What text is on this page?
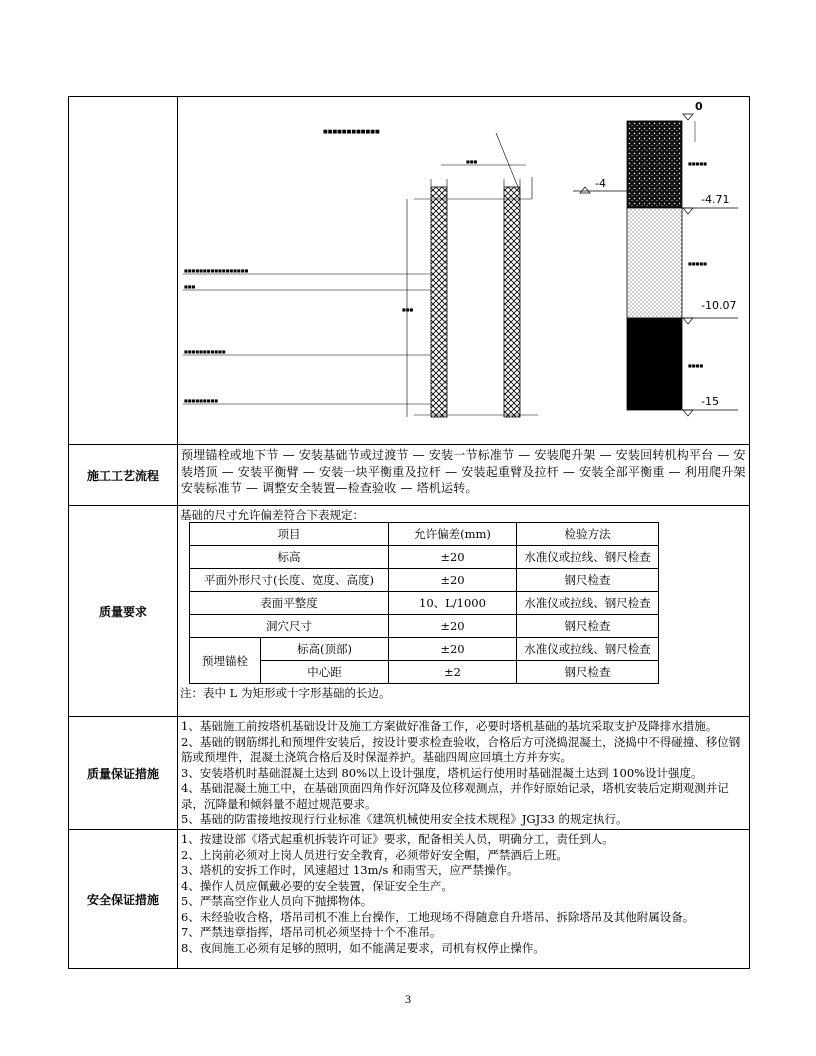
■■■■■■■■■■■■
■■■
■■■
■■■■■■■■■■■■■■■■■
■■■
■■■■■■■■■■■
■■■■■■■■■
0
-4
-4.71
-10.07
-15
■■■■■
■■■■■
■■■■

施工工艺流程	
预埋锚栓或地下节 — 安装基础节或过渡节 — 安装一节标准节 — 安装爬升架 — 安装回转机构平台 — 安装塔顶 — 安装平衡臂 — 安装一块平衡重及拉杆 — 安装起重臂及拉杆 — 安装全部平衡重 — 利用爬升架安装标准节 — 调整安全装置—检查验收 — 塔机运转。

质量要求	
基础的尺寸允许偏差符合下表规定：
项目	允许偏差(mm)	检验方法
标高	±20	水准仪或拉线、钢尺检查
平面外形尺寸(长度、宽度、高度)	±20	钢尺检查
表面平整度	10、L/1000	水准仪或拉线、钢尺检查
洞穴尺寸	±20	钢尺检查
预埋锚栓	标高(顶部)	±20	水准仪或拉线、钢尺检查
中心距	±2	钢尺检查
注：表中 L 为矩形或十字形基础的长边。

质量保证措施	
1、基础施工前按塔机基础设计及施工方案做好准备工作，必要时塔机基础的基坑采取支护及降排水措施。
2、基础的钢筋绑扎和预埋件安装后，按设计要求检查验收，合格后方可浇捣混凝土，浇捣中不得碰撞、移位钢筋或预埋件，混凝土浇筑合格后及时保湿养护。基础四周应回填土方并夯实。
3、安装塔机时基础混凝土达到 80%以上设计强度，塔机运行使用时基础混凝土达到 100%设计强度。
4、基础混凝土施工中，在基础顶面四角作好沉降及位移观测点，并作好原始记录，塔机安装后定期观测并记录，沉降量和倾斜量不超过规范要求。
5、基础的防雷接地按现行行业标准《建筑机械使用安全技术规程》JGJ33 的规定执行。

安全保证措施	
1、按建设部《塔式起重机拆装许可证》要求，配备相关人员，明确分工，责任到人。
2、上岗前必须对上岗人员进行安全教育，必须带好安全帽，严禁酒后上班。
3、塔机的安拆工作时，风速超过 13m/s 和雨雪天，应严禁操作。
4、操作人员应佩戴必要的安全装置，保证安全生产。
5、严禁高空作业人员向下抛掷物体。
6、未经验收合格，塔吊司机不准上台操作，工地现场不得随意自升塔吊、拆除塔吊及其他附属设备。
7、严禁违章指挥，塔吊司机必须坚持十个不准吊。
8、夜间施工必须有足够的照明，如不能满足要求，司机有权停止操作。
3
